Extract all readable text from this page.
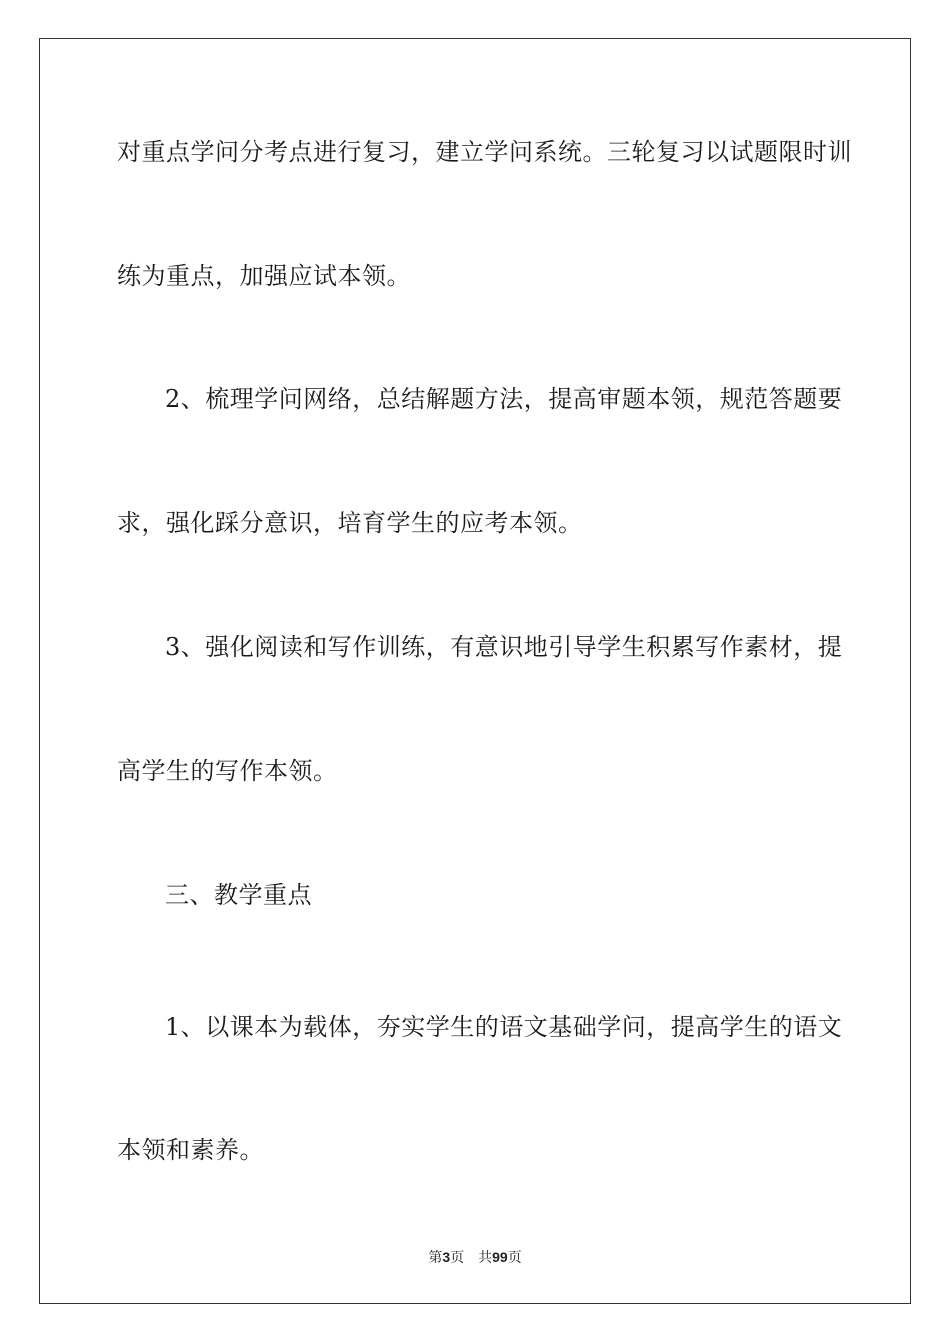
对重点学问分考点进行复习，建立学问系统。三轮复习以试题限时训
练为重点，加强应试本领。
2、梳理学问网络，总结解题方法，提高审题本领，规范答题要
求，强化踩分意识，培育学生的应考本领。
3、强化阅读和写作训练，有意识地引导学生积累写作素材，提
高学生的写作本领。
三、教学重点
1、以课本为载体，夯实学生的语文基础学问，提高学生的语文
本领和素养。
第3页 共99页
